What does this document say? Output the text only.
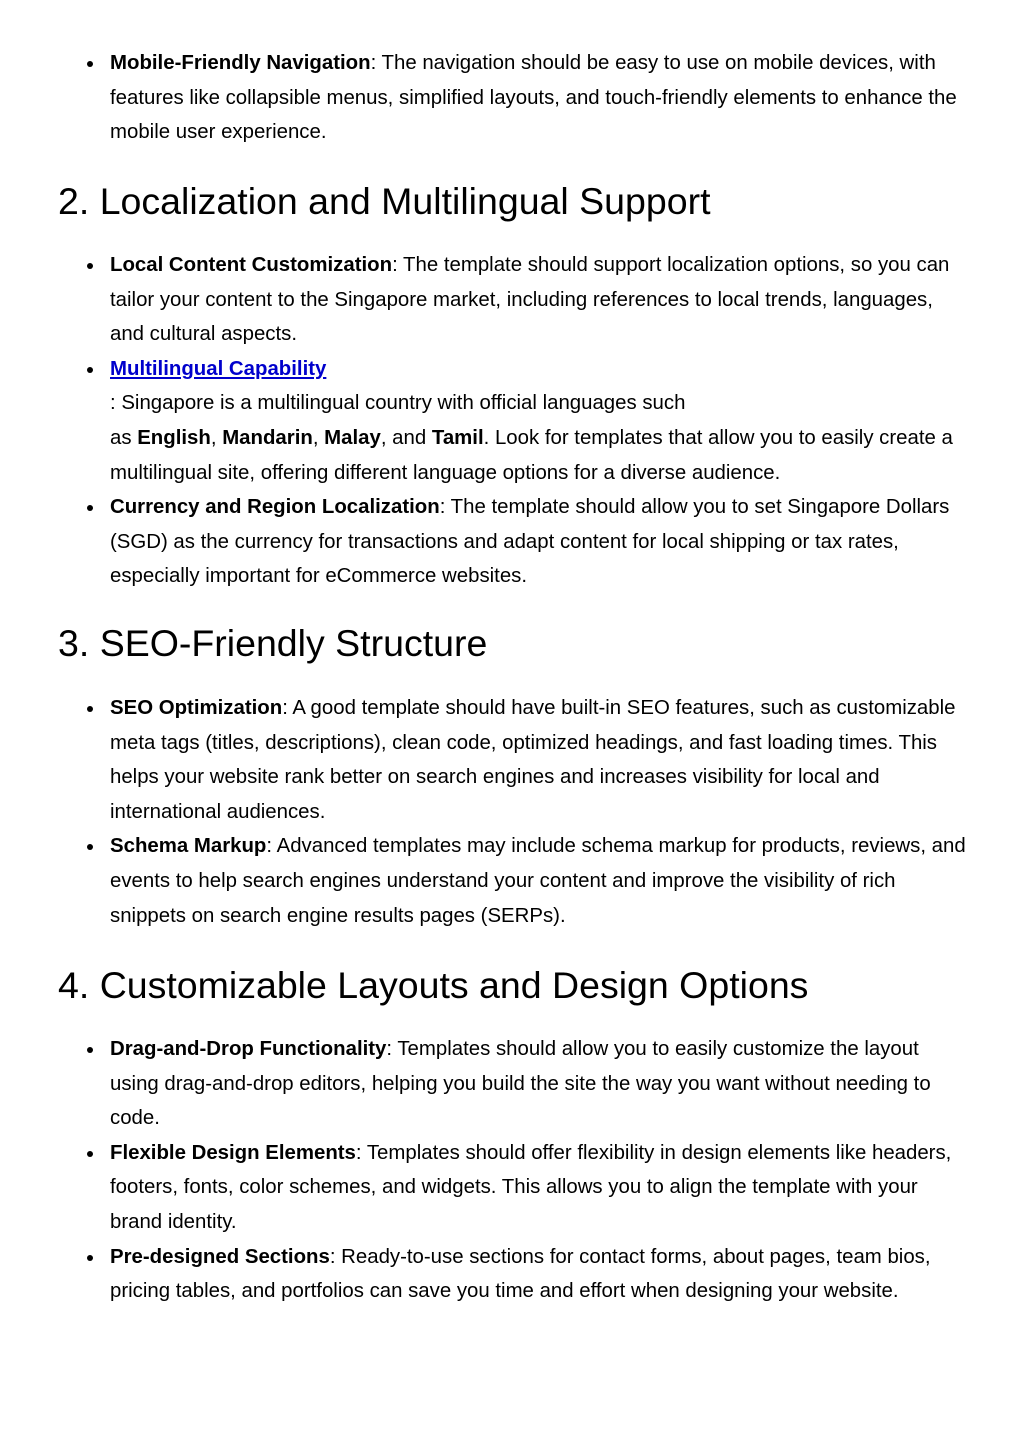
Mobile-Friendly Navigation: The navigation should be easy to use on mobile devices, with features like collapsible menus, simplified layouts, and touch-friendly elements to enhance the mobile user experience.
2. Localization and Multilingual Support
Local Content Customization: The template should support localization options, so you can tailor your content to the Singapore market, including references to local trends, languages, and cultural aspects.
Multilingual Capability
: Singapore is a multilingual country with official languages such
as English, Mandarin, Malay, and Tamil. Look for templates that allow you to easily create a multilingual site, offering different language options for a diverse audience.
Currency and Region Localization: The template should allow you to set Singapore Dollars (SGD) as the currency for transactions and adapt content for local shipping or tax rates, especially important for eCommerce websites.
3. SEO-Friendly Structure
SEO Optimization: A good template should have built-in SEO features, such as customizable meta tags (titles, descriptions), clean code, optimized headings, and fast loading times. This helps your website rank better on search engines and increases visibility for local and international audiences.
Schema Markup: Advanced templates may include schema markup for products, reviews, and events to help search engines understand your content and improve the visibility of rich snippets on search engine results pages (SERPs).
4. Customizable Layouts and Design Options
Drag-and-Drop Functionality: Templates should allow you to easily customize the layout using drag-and-drop editors, helping you build the site the way you want without needing to code.
Flexible Design Elements: Templates should offer flexibility in design elements like headers, footers, fonts, color schemes, and widgets. This allows you to align the template with your brand identity.
Pre-designed Sections: Ready-to-use sections for contact forms, about pages, team bios, pricing tables, and portfolios can save you time and effort when designing your website.
